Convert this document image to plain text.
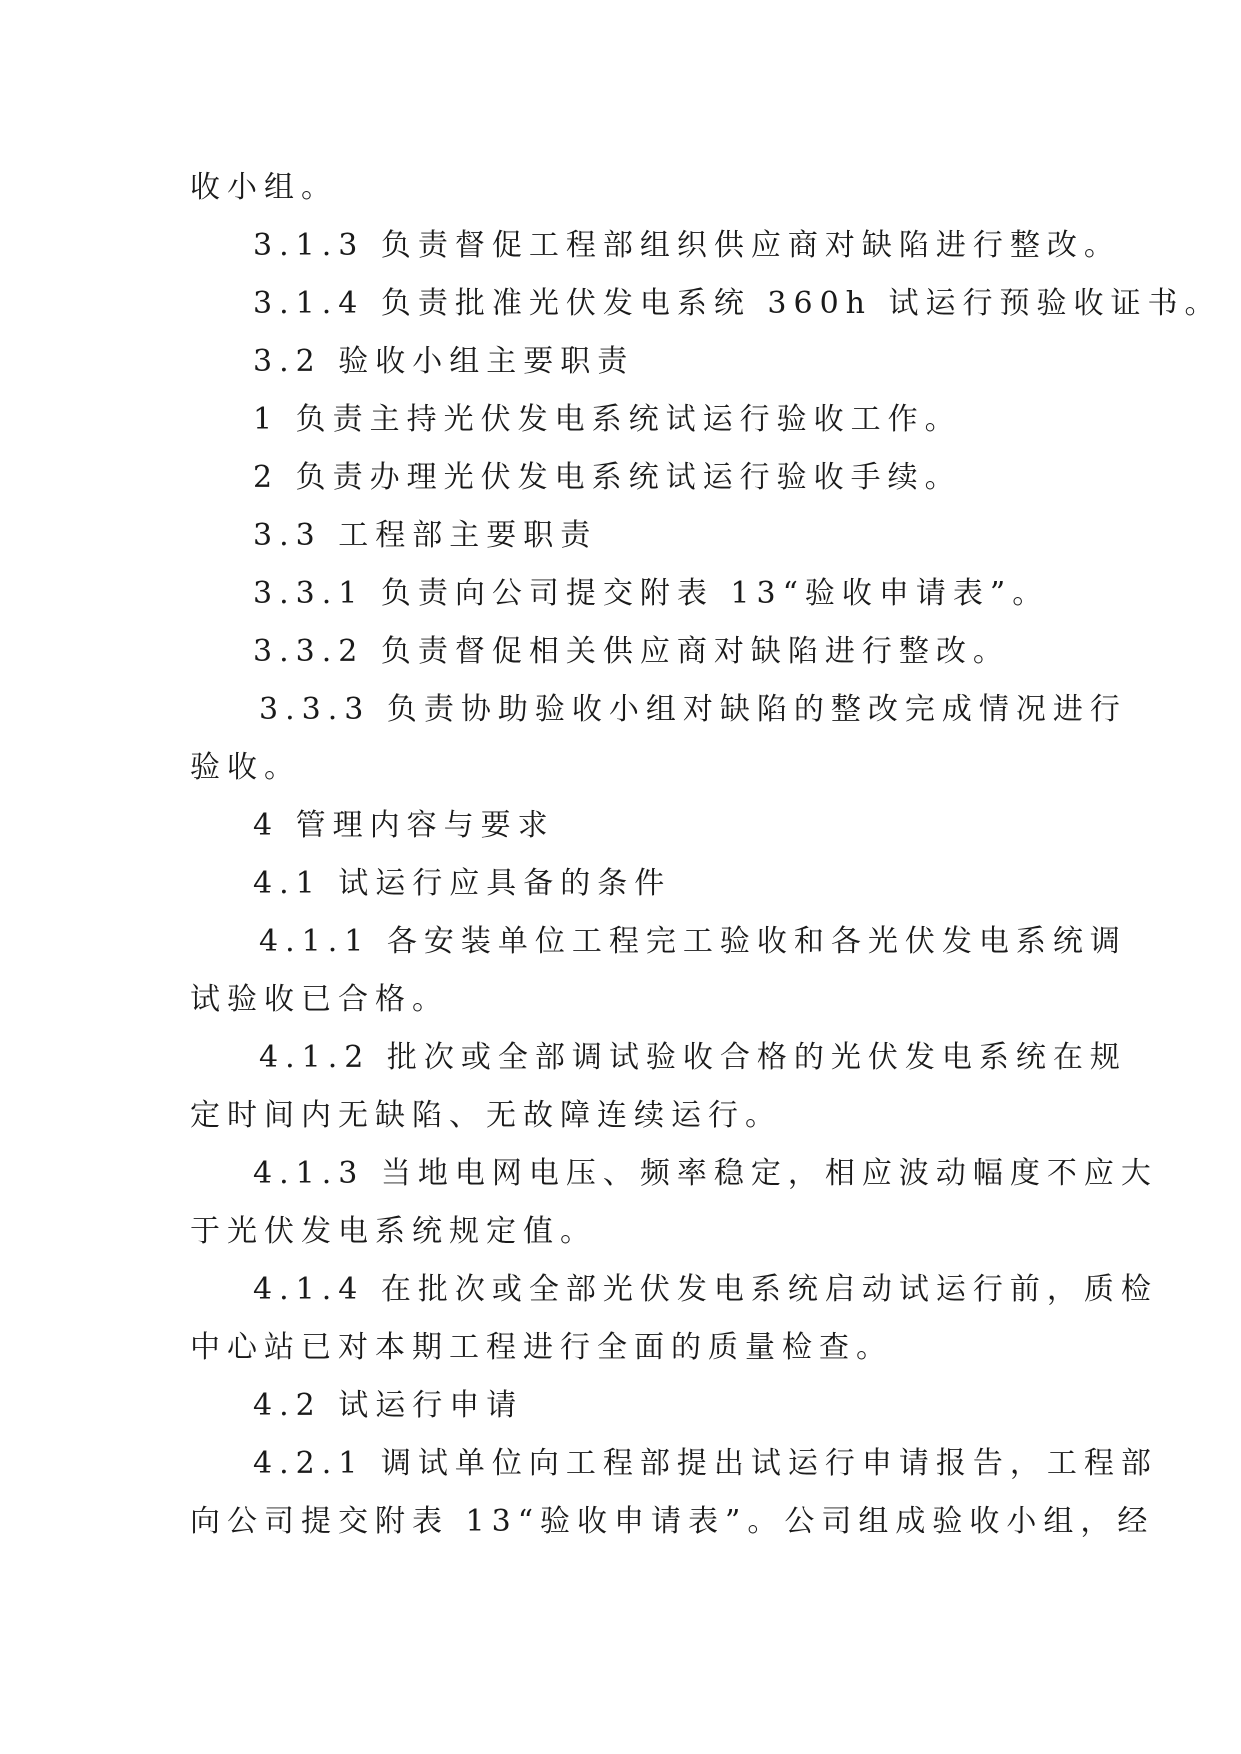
收小组。
3.1.3 负责督促工程部组织供应商对缺陷进行整改。
3.1.4 负责批准光伏发电系统 360h 试运行预验收证书。
3.2 验收小组主要职责
1 负责主持光伏发电系统试运行验收工作。
2 负责办理光伏发电系统试运行验收手续。
3.3 工程部主要职责
3.3.1 负责向公司提交附表 13“验收申请表”。
3.3.2 负责督促相关供应商对缺陷进行整改。
3.3.3 负责协助验收小组对缺陷的整改完成情况进行
验收。
4 管理内容与要求
4.1 试运行应具备的条件
4.1.1 各安装单位工程完工验收和各光伏发电系统调
试验收已合格。
4.1.2 批次或全部调试验收合格的光伏发电系统在规
定时间内无缺陷、无故障连续运行。
4.1.3 当地电网电压、频率稳定，相应波动幅度不应大
于光伏发电系统规定值。
4.1.4 在批次或全部光伏发电系统启动试运行前，质检
中心站已对本期工程进行全面的质量检查。
4.2 试运行申请
4.2.1 调试单位向工程部提出试运行申请报告，工程部
向公司提交附表 13“验收申请表”。公司组成验收小组，经
